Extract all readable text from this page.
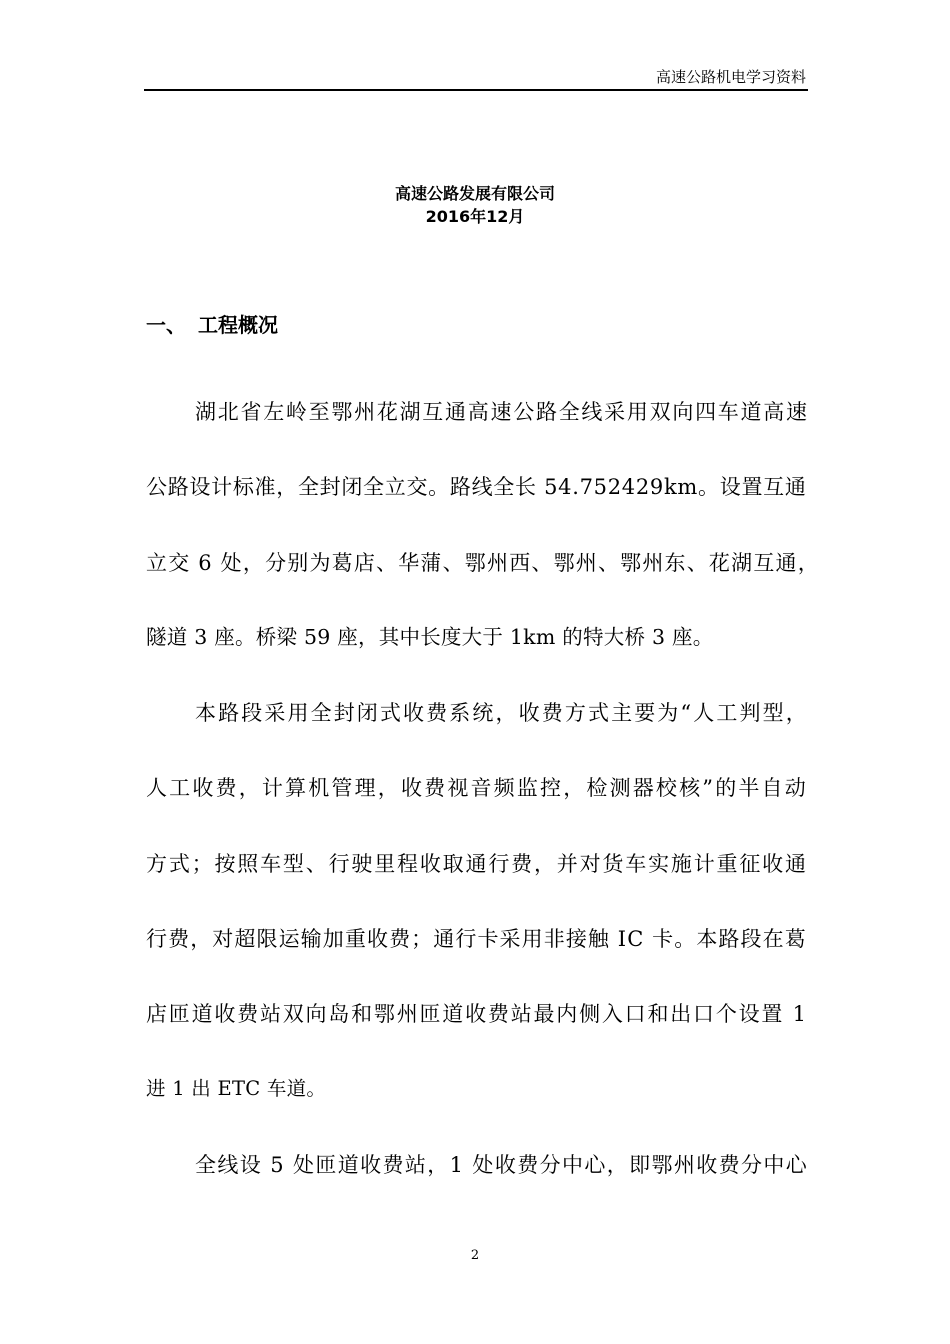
高速公路机电学习资料
高速公路发展有限公司
2016年12月
一、 工程概况
湖北省左岭至鄂州花湖互通高速公路全线采用双向四车道高速
公路设计标准，全封闭全立交。路线全长 54.752429km。设置互通
立交 6 处，分别为葛店、华蒲、鄂州西、鄂州、鄂州东、花湖互通，
隧道 3 座。桥梁 59 座，其中长度大于 1km 的特大桥 3 座。
本路段采用全封闭式收费系统，收费方式主要为“人工判型，
人工收费，计算机管理，收费视音频监控，检测器校核”的半自动
方式；按照车型、行驶里程收取通行费，并对货车实施计重征收通
行费，对超限运输加重收费；通行卡采用非接触 IC 卡。本路段在葛
店匝道收费站双向岛和鄂州匝道收费站最内侧入口和出口个设置 1
进 1 出 ETC 车道。
全线设 5 处匝道收费站，1 处收费分中心，即鄂州收费分中心
2
